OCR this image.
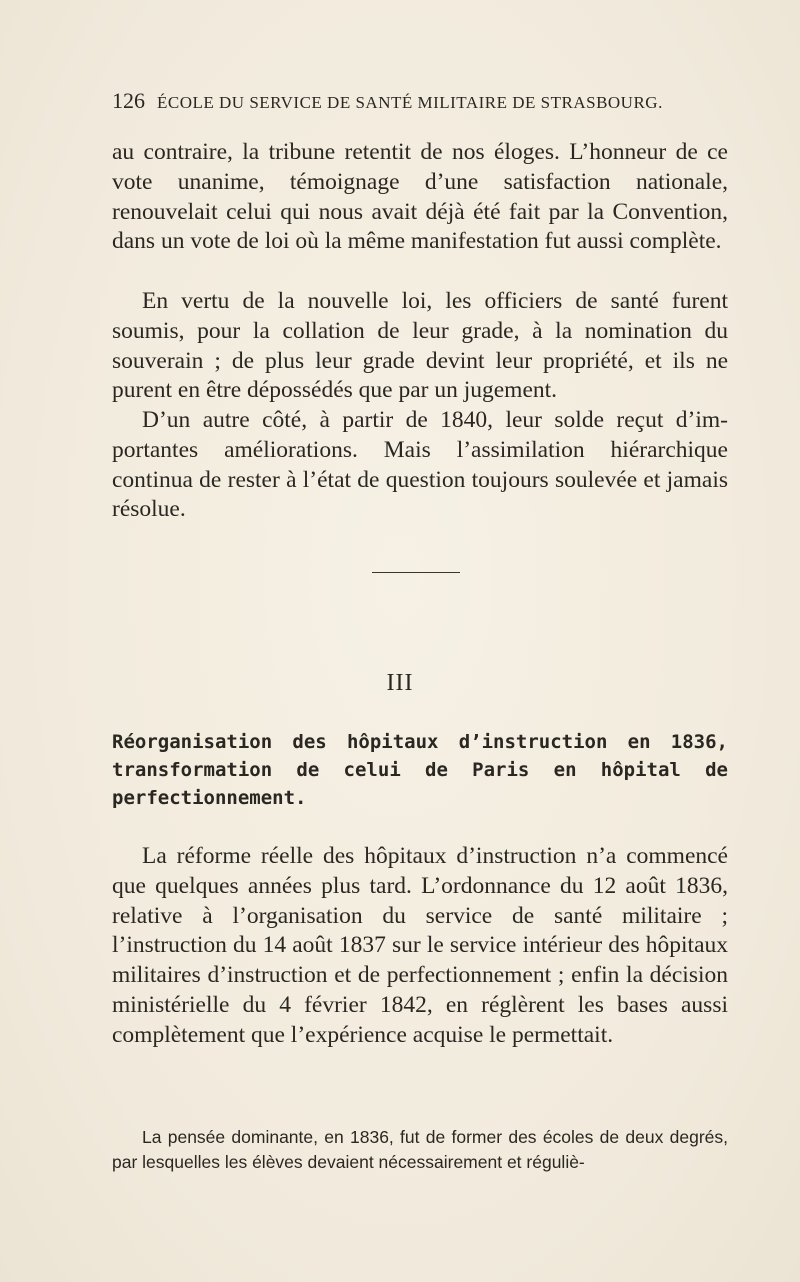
126 ÉCOLE DU SERVICE DE SANTÉ MILITAIRE DE STRASBOURG.

au contraire, la tribune retentit de nos éloges. L’honneur de ce vote unanime, témoignage d’une satisfaction nationale, renouvelait celui qui nous avait déjà été fait par la Convention, dans un vote de loi où la même manifestation fut aussi complète.

En vertu de la nouvelle loi, les officiers de santé furent soumis, pour la collation de leur grade, à la nomination du souverain ; de plus leur grade devint leur propriété, et ils ne purent en être dépossédés que par un jugement.

D’un autre côté, à partir de 1840, leur solde reçut d’importantes améliorations. Mais l’assimilation hiérarchique continua de rester à l’état de question toujours soulevée et jamais résolue.

III

Réorganisation des hôpitaux d’instruction en 1836, transformation de celui de Paris en hôpital de perfectionnement.

La réforme réelle des hôpitaux d’instruction n’a commencé que quelques années plus tard. L’ordonnance du 12 août 1836, relative à l’organisation du service de santé militaire ; l’instruction du 14 août 1837 sur le service intérieur des hôpitaux militaires d’instruction et de perfectionnement ; enfin la décision ministérielle du 4 février 1842, en réglèrent les bases aussi complètement que l’expérience acquise le permettait.

La pensée dominante, en 1836, fut de former des écoles de deux degrés, par lesquelles les élèves devaient nécessairement et réguliè-
